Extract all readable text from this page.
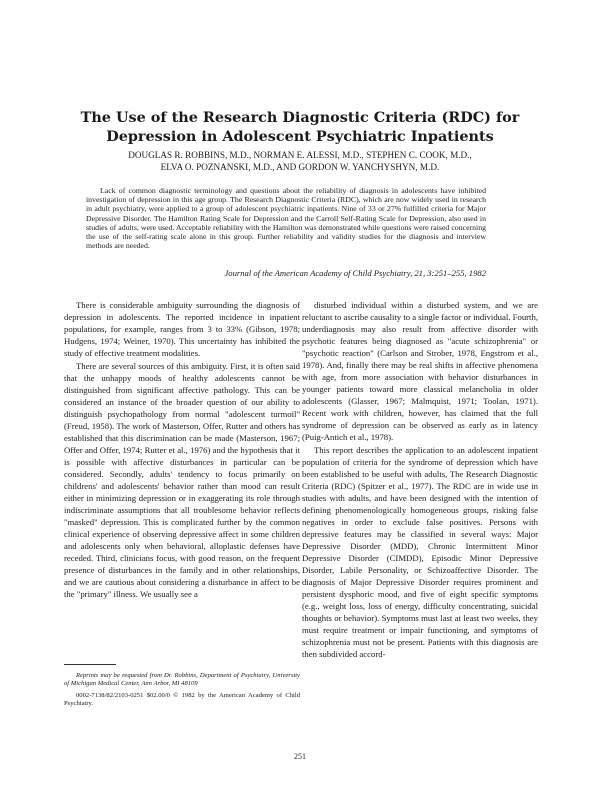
The Use of the Research Diagnostic Criteria (RDC) for Depression in Adolescent Psychiatric Inpatients
DOUGLAS R. ROBBINS, M.D., NORMAN E. ALESSI, M.D., STEPHEN C. COOK, M.D.,
ELVA O. POZNANSKI, M.D., AND GORDON W. YANCHYSHYN, M.D.

Lack of common diagnostic terminology and questions about the reliability of diagnosis in adolescents have inhibited investigation of depression in this age group. The Research Diagnostic Criteria (RDC), which are now widely used in research in adult psychiatry, were applied to a group of adolescent psychiatric inpatients. Nine of 33 or 27% fulfilled criteria for Major Depressive Disorder. The Hamilton Rating Scale for Depression and the Carroll Self-Rating Scale for Depression, also used in studies of adults, were used. Acceptable reliability with the Hamilton was demonstrated while questions were raised concerning the use of the self-rating scale alone in this group. Further reliability and validity studies for the diagnosis and interview methods are needed.

Journal of the American Academy of Child Psychiatry, 21, 3:251–255, 1982

There is considerable ambiguity surrounding the diagnosis of depression in adolescents. The reported incidence in inpatient populations, for example, ranges from 3 to 33% (Gibson, 1978; Hudgens, 1974; Weiner, 1970). This uncertainty has inhibited the study of effective treatment modalities.

There are several sources of this ambiguity. First, it is often said that the unhappy moods of healthy adolescents cannot be distinguished from significant affective pathology. This can be considered an instance of the broader question of our ability to distinguish psychopathology from normal "adolescent turmoil" (Freud, 1958). The work of Masterson, Offer, Rutter and others has established that this discrimination can be made (Masterson, 1967; Offer and Offer, 1974; Rutter et al., 1976) and the hypothesis that it is possible with affective disturbances in particular can be considered. Secondly, adults' tendency to focus primarily on childrens' and adolescents' behavior rather than mood can result either in minimizing depression or in exaggerating its role through indiscriminate assumptions that all troublesome behavior reflects "masked" depression. This is complicated further by the common clinical experience of observing depressive affect in some children and adolescents only when behavioral, alloplastic defenses have receded. Third, clinicians focus, with good reason, on the frequent presence of disturbances in the family and in other relationships, and we are cautious about considering a disturbance in affect to be the "primary" illness. We usually see a

disturbed individual within a disturbed system, and we are reluctant to ascribe causality to a single factor or individual. Fourth, underdiagnosis may also result from affective disorder with psychotic features being diagnosed as "acute schizophrenia" or "psychotic reaction" (Carlson and Strober, 1978, Engstrom et al., 1978). And, finally there may be real shifts in affective phenomena with age, from more association with behavior disturbances in younger patients toward more classical melancholia in older adolescents (Glasser, 1967; Malmquist, 1971; Toolan, 1971). Recent work with children, however, has claimed that the full syndrome of depression can be observed as early as in latency (Puig-Antich et al., 1978).

This report describes the application to an adolescent inpatient population of criteria for the syndrome of depression which have been established to be useful with adults, The Research Diagnostic Criteria (RDC) (Spitzer et al., 1977). The RDC are in wide use in studies with adults, and have been designed with the intention of defining phenomenologically homogeneous groups, risking false negatives in order to exclude false positives. Persons with depressive features may be classified in several ways: Major Depressive Disorder (MDD), Chronic Intermittent Minor Depressive Disorder (CIMDD), Episodic Minor Depressive Disorder, Labile Personality, or Schizoaffective Disorder. The diagnosis of Major Depressive Disorder requires prominent and persistent dysphoric mood, and five of eight specific symptoms (e.g., weight loss, loss of energy, difficulty concentrating, suicidal thoughts or behavior). Symptoms must last at least two weeks, they must require treatment or impair functioning, and symptoms of schizophrenia must not be present. Patients with this diagnosis are then subdivided accord-

Reprints may be requested from Dr. Robbins, Department of Psychiatry, University of Michigan Medical Center, Ann Arbor, MI 48109

0002-7138/82/2103-0251 $02.00/0 © 1982 by the American Academy of Child Psychiatry.

251
